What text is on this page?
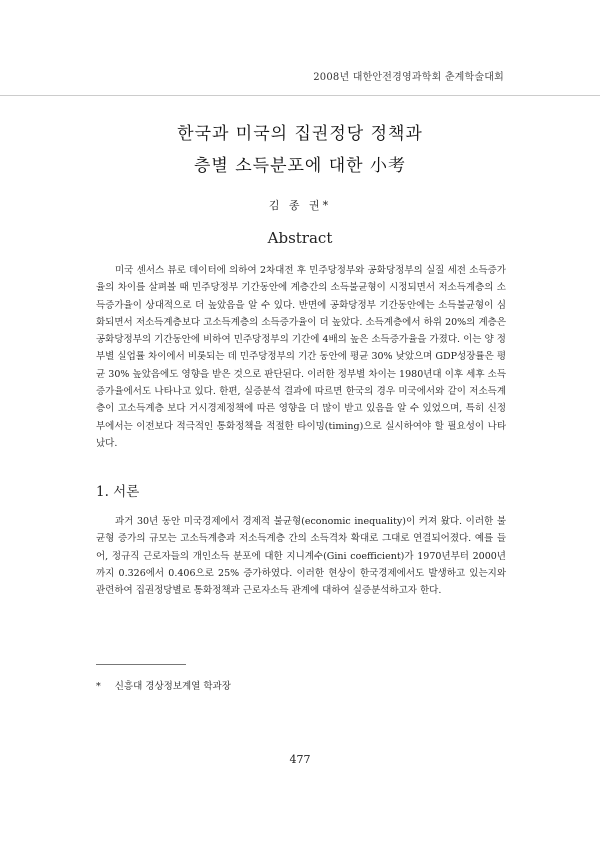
2008년 대한안전경영과학회 춘계학술대회
한국과 미국의 집권정당 정책과
층별 소득분포에 대한 小考
김 종 권*
Abstract

미국 센서스 뷰로 데이터에 의하여 2차대전 후 민주당정부와 공화당정부의 실질 세전 소득증가율의 차이를 살펴볼 때 민주당정부 기간동안에 계층간의 소득불균형이 시정되면서 저소득계층의 소득증가율이 상대적으로 더 높았음을 알 수 있다. 반면에 공화당정부 기간동안에는 소득불균형이 심화되면서 저소득계층보다 고소득계층의 소득증가율이 더 높았다. 소득계층에서 하위 20%의 계층은 공화당정부의 기간동안에 비하여 민주당정부의 기간에 4배의 높은 소득증가율을 가졌다. 이는 양 정부별 실업률 차이에서 비롯되는 데 민주당정부의 기간 동안에 평균 30% 낮았으며 GDP성장률은 평균 30% 높았음에도 영향을 받은 것으로 판단된다. 이러한 정부별 차이는 1980년대 이후 세후 소득증가율에서도 나타나고 있다. 한편, 실증분석 결과에 따르면 한국의 경우 미국에서와 같이 저소득계층이 고소득계층 보다 거시경제정책에 따른 영향을 더 많이 받고 있음을 알 수 있었으며, 특히 신정부에서는 이전보다 적극적인 통화정책을 적절한 타이밍(timing)으로 실시하여야 할 필요성이 나타났다.

1. 서론

과거 30년 동안 미국경제에서 경제적 불균형(economic inequality)이 커져 왔다. 이러한 불균형 증가의 규모는 고소득계층과 저소득계층 간의 소득격차 확대로 그대로 연결되어졌다. 예를 들어, 정규직 근로자들의 개인소득 분포에 대한 지니계수(Gini coefficient)가 1970년부터 2000년까지 0.326에서 0.406으로 25% 증가하였다. 이러한 현상이 한국경제에서도 발생하고 있는지와 관련하여 집권정당별로 통화정책과 근로자소득 관계에 대하여 실증분석하고자 한다.

* 신흥대 경상정보계열 학과장
477
